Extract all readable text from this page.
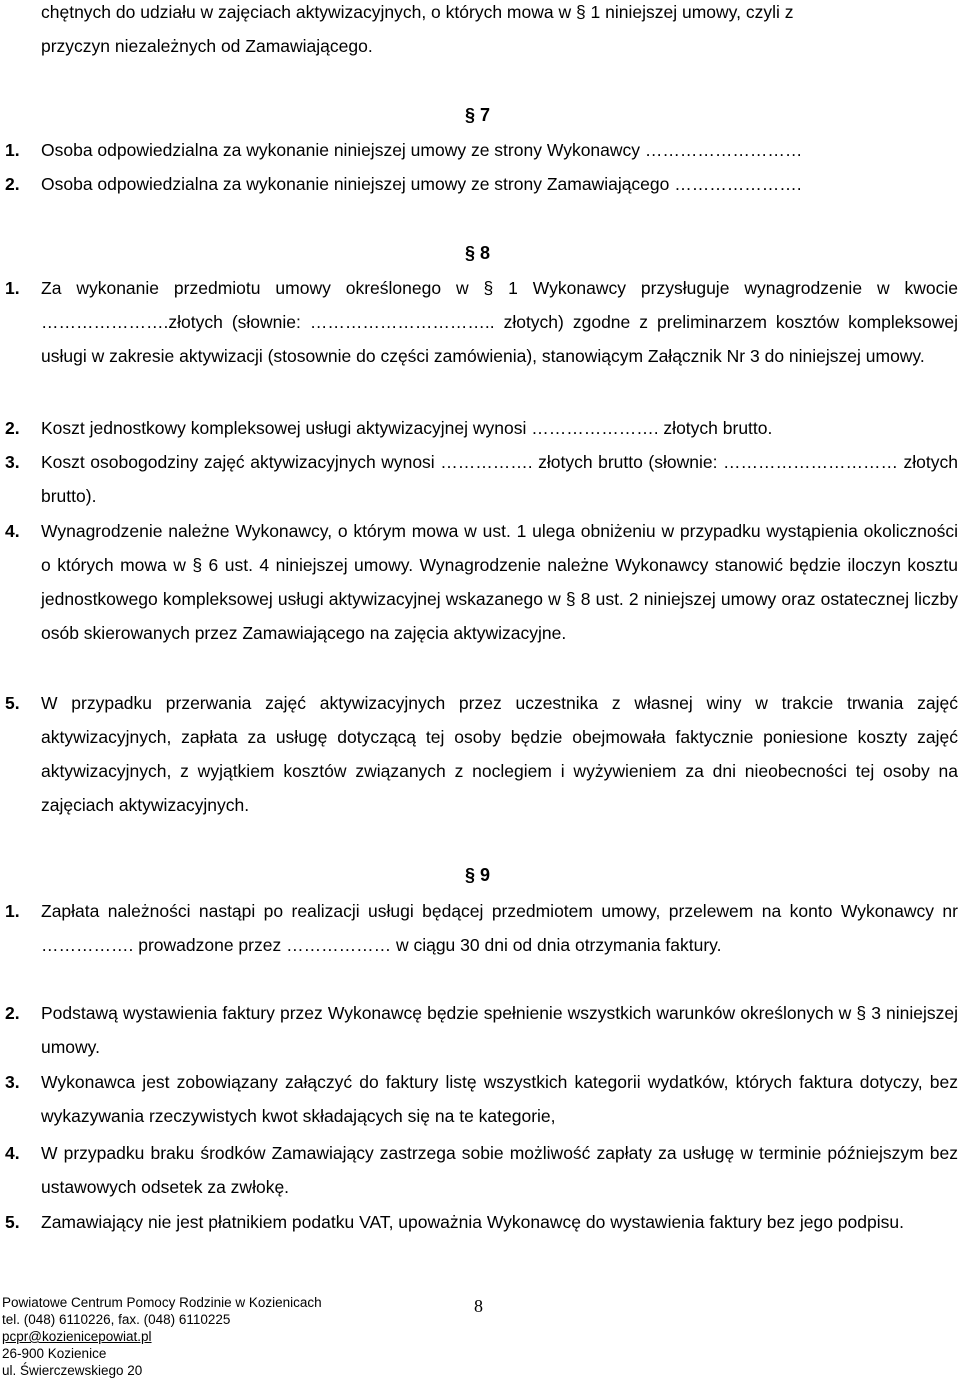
chętnych do udziału w zajęciach aktywizacyjnych, o których mowa w § 1 niniejszej umowy, czyli z
przyczyn niezależnych od Zamawiającego.
§ 7
1. Osoba odpowiedzialna za wykonanie niniejszej umowy ze strony Wykonawcy ………………………
2. Osoba odpowiedzialna za wykonanie niniejszej umowy ze strony Zamawiającego ………………….
§ 8
1. Za wykonanie przedmiotu umowy określonego w § 1 Wykonawcy przysługuje wynagrodzenie w kwocie ………………….złotych (słownie: ………………………….. złotych) zgodne z preliminarzem kosztów kompleksowej usługi w zakresie aktywizacji (stosownie do części zamówienia), stanowiącym Załącznik Nr 3 do niniejszej umowy.
2. Koszt jednostkowy kompleksowej usługi aktywizacyjnej wynosi …………………. złotych brutto.
3. Koszt osobogodziny zajęć aktywizacyjnych wynosi ……………. złotych brutto (słownie: ………………………… złotych brutto).
4. Wynagrodzenie należne Wykonawcy, o którym mowa w ust. 1 ulega obniżeniu w przypadku wystąpienia okoliczności o których mowa w § 6 ust. 4 niniejszej umowy. Wynagrodzenie należne Wykonawcy stanowić będzie iloczyn kosztu jednostkowego kompleksowej usługi aktywizacyjnej wskazanego w § 8 ust. 2 niniejszej umowy oraz ostatecznej liczby osób skierowanych przez Zamawiającego na zajęcia aktywizacyjne.
5. W przypadku przerwania zajęć aktywizacyjnych przez uczestnika z własnej winy w trakcie trwania zajęć aktywizacyjnych, zapłata za usługę dotyczącą tej osoby będzie obejmowała faktycznie poniesione koszty zajęć aktywizacyjnych, z wyjątkiem kosztów związanych z noclegiem i wyżywieniem za dni nieobecności tej osoby na zajęciach aktywizacyjnych.
§ 9
1. Zapłata należności nastąpi po realizacji usługi będącej przedmiotem umowy, przelewem na konto Wykonawcy nr ……………. prowadzone przez ……………… w ciągu 30 dni od dnia otrzymania faktury.
2. Podstawą wystawienia faktury przez Wykonawcę będzie spełnienie wszystkich warunków określonych w § 3 niniejszej umowy.
3. Wykonawca jest zobowiązany załączyć do faktury listę wszystkich kategorii wydatków, których faktura dotyczy, bez wykazywania rzeczywistych kwot składających się na te kategorie,
4. W przypadku braku środków Zamawiający zastrzega sobie możliwość zapłaty za usługę w terminie późniejszym bez ustawowych odsetek za zwłokę.
5. Zamawiający nie jest płatnikiem podatku VAT, upoważnia Wykonawcę do wystawienia faktury bez jego podpisu.
Powiatowe Centrum Pomocy Rodzinie w Kozienicach
tel. (048) 6110226, fax. (048) 6110225
pcpr@kozienicepowiat.pl
26-900 Kozienice
ul. Świerczewskiego 20
8
